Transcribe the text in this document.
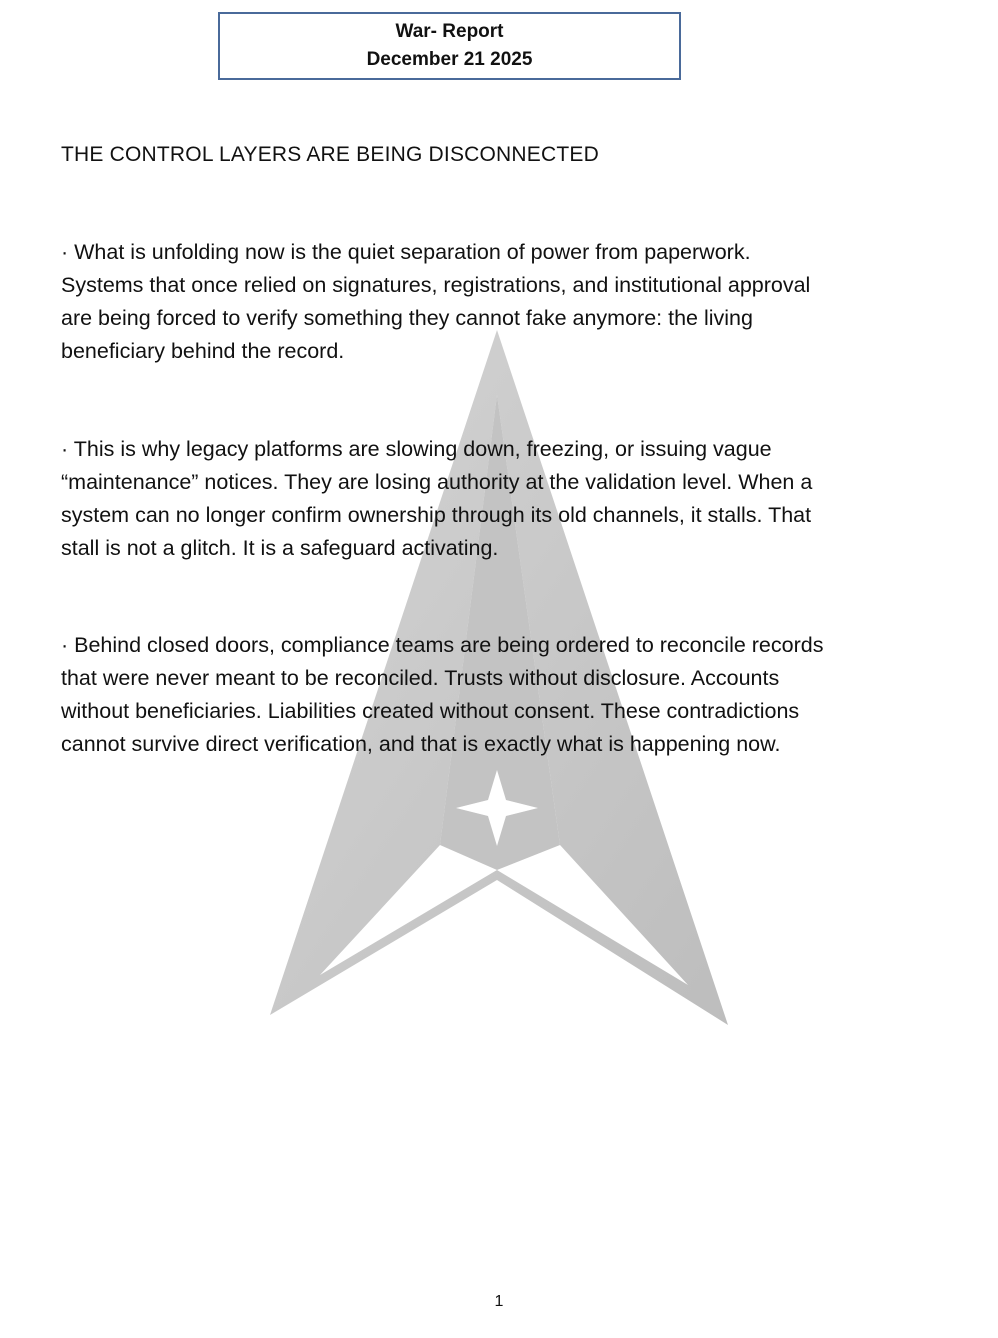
War- Report
December 21 2025
THE CONTROL LAYERS ARE BEING DISCONNECTED

· What is unfolding now is the quiet separation of power from paperwork.
Systems that once relied on signatures, registrations, and institutional approval
are being forced to verify something they cannot fake anymore: the living
beneficiary behind the record.

· This is why legacy platforms are slowing down, freezing, or issuing vague
“maintenance” notices. They are losing authority at the validation level. When a
system can no longer confirm ownership through its old channels, it stalls. That
stall is not a glitch. It is a safeguard activating.

· Behind closed doors, compliance teams are being ordered to reconcile records
that were never meant to be reconciled. Trusts without disclosure. Accounts
without beneficiaries. Liabilities created without consent. These contradictions
cannot survive direct verification, and that is exactly what is happening now.

1
